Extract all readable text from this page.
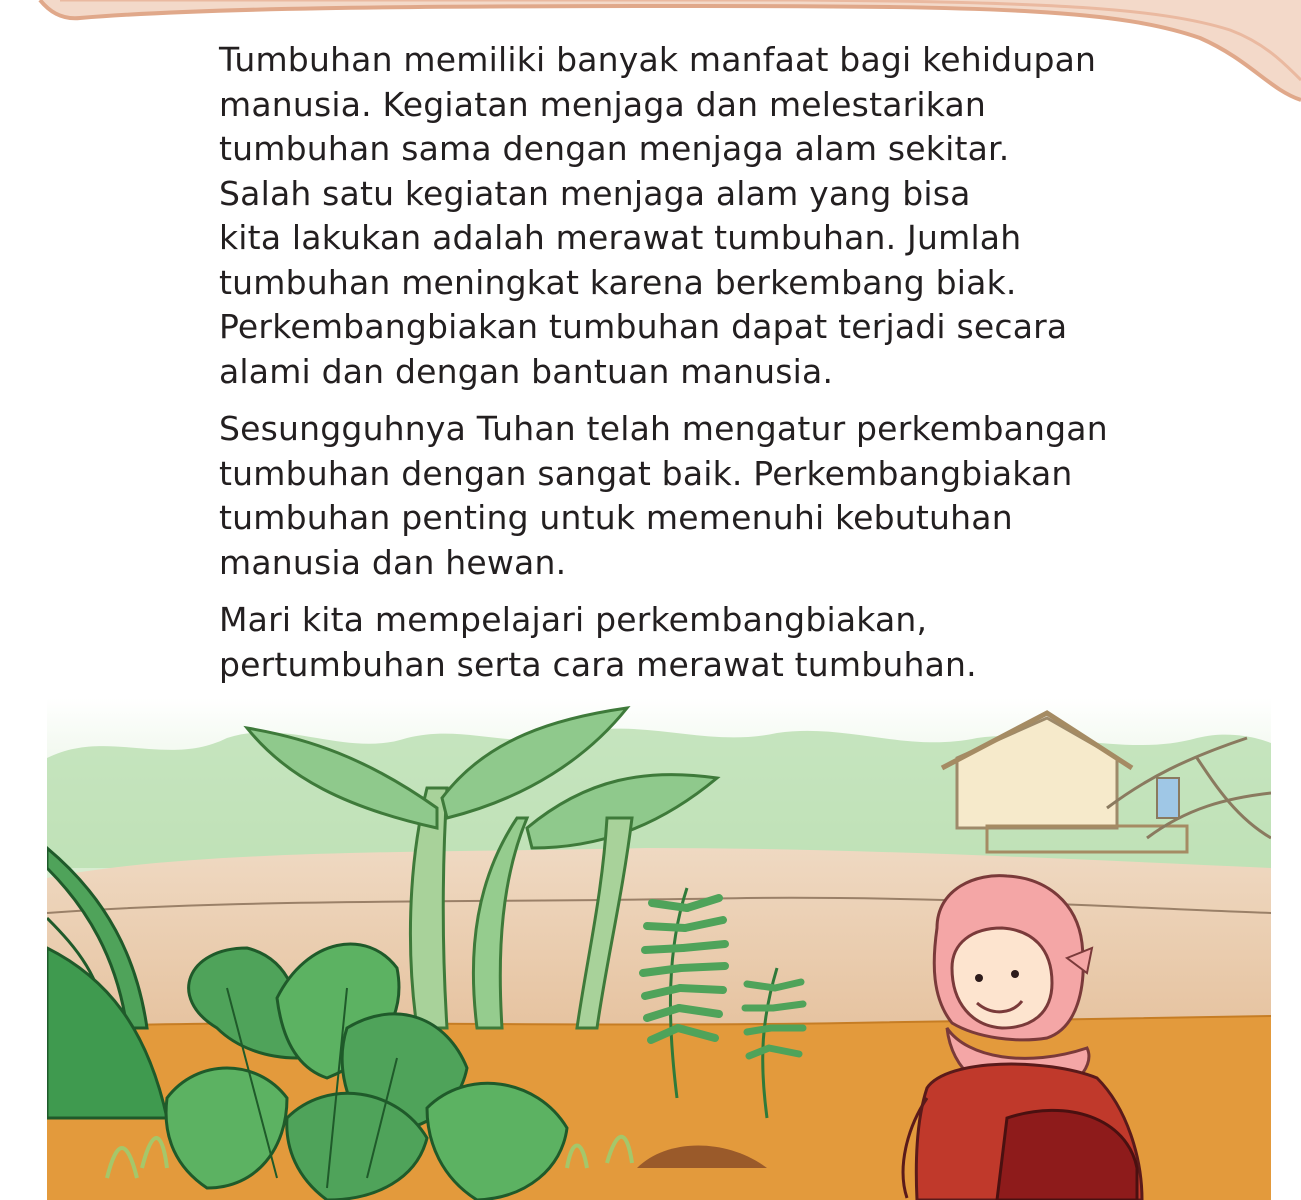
Tumbuhan memiliki banyak manfaat bagi kehidupan
manusia. Kegiatan menjaga dan melestarikan
tumbuhan sama dengan menjaga alam sekitar.
Salah satu kegiatan menjaga alam yang bisa
kita lakukan adalah merawat tumbuhan. Jumlah
tumbuhan meningkat karena berkembang biak.
Perkembangbiakan tumbuhan dapat terjadi secara
alami dan dengan bantuan manusia.

Sesungguhnya Tuhan telah mengatur perkembangan
tumbuhan dengan sangat baik. Perkembangbiakan
tumbuhan penting untuk memenuhi kebutuhan
manusia dan hewan.

Mari kita mempelajari perkembangbiakan,
pertumbuhan serta cara merawat tumbuhan.
